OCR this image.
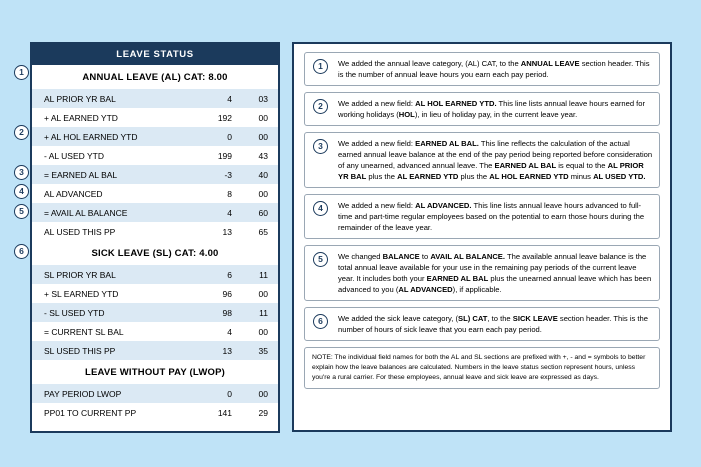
LEAVE STATUS
ANNUAL LEAVE (AL) CAT: 8.00
AL PRIOR YR BAL	4	03
+ AL EARNED YTD	192	00
+ AL HOL EARNED YTD	0	00
- AL USED YTD	199	43
= EARNED AL BAL	-3	40
AL ADVANCED	8	00
= AVAIL AL BALANCE	4	60
AL USED THIS PP	13	65
SICK LEAVE (SL) CAT: 4.00
SL PRIOR YR BAL	6	11
+ SL EARNED YTD	96	00
- SL USED YTD	98	11
= CURRENT SL BAL	4	00
SL USED THIS PP	13	35
LEAVE WITHOUT PAY (LWOP)
PAY PERIOD LWOP	0	00
PP01 TO CURRENT PP	141	29
1
2
3
4
5
6
1	We added the annual leave category, (AL) CAT, to the ANNUAL LEAVE section header. This is the number of annual leave hours you earn each pay period.
2	We added a new field: AL HOL EARNED YTD. This line lists annual leave hours earned for working holidays (HOL), in lieu of holiday pay, in the current leave year.
3	We added a new field: EARNED AL BAL. This line reflects the calculation of the actual earned annual leave balance at the end of the pay period being reported before consideration of any unearned, advanced annual leave. The EARNED AL BAL is equal to the AL PRIOR YR BAL plus the AL EARNED YTD plus the AL HOL EARNED YTD minus AL USED YTD.
4	We added a new field: AL ADVANCED. This line lists annual leave hours advanced to full-time and part-time regular employees based on the potential to earn those hours during the remainder of the leave year.
5	We changed BALANCE to AVAIL AL BALANCE. The available annual leave balance is the total annual leave available for your use in the remaining pay periods of the current leave year. It includes both your EARNED AL BAL plus the unearned annual leave which has been advanced to you (AL ADVANCED), if applicable.
6	We added the sick leave category, (SL) CAT, to the SICK LEAVE section header. This is the number of hours of sick leave that you earn each pay period.
NOTE: The individual field names for both the AL and SL sections are prefixed with +, - and = symbols to better explain how the leave balances are calculated. Numbers in the leave status section represent hours, unless you're a rural carrier. For these employees, annual leave and sick leave are expressed as days.
